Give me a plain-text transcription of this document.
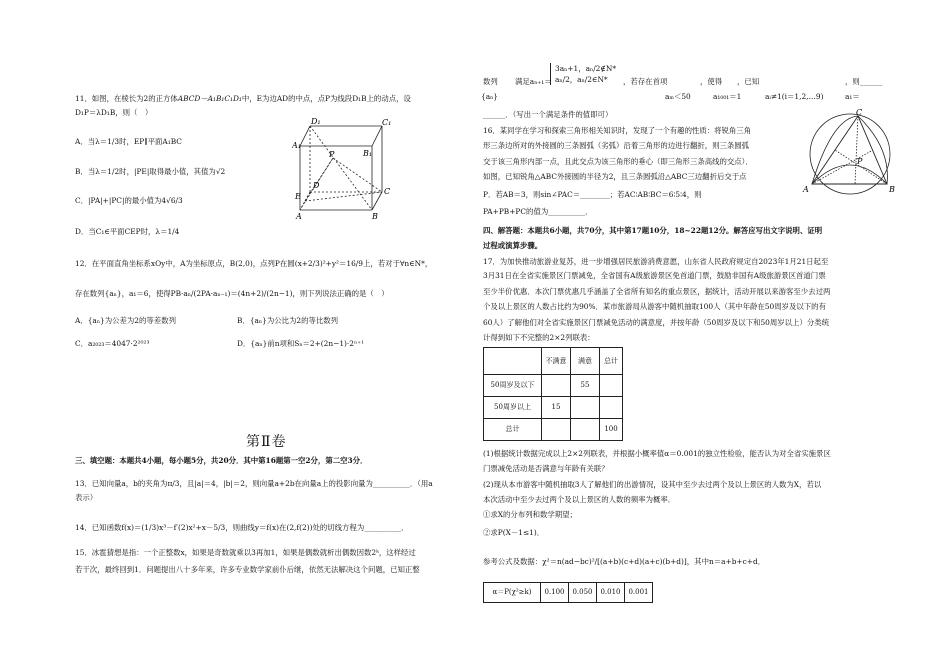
11．如图，在棱长为2的正方体ABCD－A₁B₁C₁D₁中，E为边AD的中点，点P为线段D₁B上的动点，设
D₁P＝λD₁B，则（　）
A．当λ＝1/3时，EP∥平面A₁BC
B．当λ＝1/2时，|PE|取得最小值，其值为√2
C．|PA|+|PC|的最小值为4√6/3
D．当C₁∈平面CEP时，λ＝1/4
D₁	C₁
A₁
B₁
P
D
C
E
A	B
12．在平面直角坐标系xOy中，A为坐标原点，B(2,0)，点列P在圆(x+2/3)²+y²＝16/9上，若对于∀n∈N*，
存在数列{aₙ}，a₁＝6，使得PB·aₙ/(2PA·aₙ₋₁)＝(4n+2)/(2n−1)，则下列说法正确的是（　）
A．{aₙ}为公差为2的等差数列	B．{aₙ}为公比为2的等比数列
C．a₂₀₂₃＝4047·2²⁰²³	D．{aₙ}前n项和Sₙ＝2+(2n−1)·2ⁿ⁺¹
第Ⅱ卷
三、填空题：本题共4小题，每小题5分，共20分．其中第16题第一空2分，第二空3分．
13．已知向量a，b的夹角为π/3，且|a|＝4，|b|＝2，则向量a+2b在向量a上的投影向量为__________．（用a
表示）
14．已知函数f(x)＝(1/3)x³－f′(2)x²+x－5/3，则曲线y＝f(x)在(2,f(2))处的切线方程为__________．
15．冰雹猜想是指：一个正整数x，如果是奇数就乘以3再加1，如果是偶数就析出偶数因数2ᵏ，这样经过
若干次，最终回到1．问题提出八十多年来，许多专业数学家前仆后继，依然无法解决这个问题，已知正整
数列
{aₙ}
满足aₙ₊₁＝
3aₙ+1，aₙ/2∉N*
aₙ/2，aₙ/2∈N*	，若存在首项	，使得 ，已知	，则 ______
aₘ＜50	a₁₀₀₁＝1	aᵢ≠1(i＝1,2,…9)	a₁＝
______．（写出一个满足条件的值即可）
16．某同学在学习和探索三角形相关知识时，发现了一个有趣的性质：将锐角三角
形三条边所对的外接圆的三条圆弧（劣弧）沿着三角形的边进行翻折，则三条圆弧
交于该三角形内部一点，且此交点为该三角形的垂心（即三角形三条高线的交点）．
如图，已知锐角△ABC外接圆的半径为2，且三条圆弧沿△ABC三边翻折后交于点
P．若AB＝3，则sin∠PAC＝________；若AC∶AB∶BC＝6∶5∶4，则
PA+PB+PC的值为__________．
C
A	B
P
四、解答题：本题共6小题，共70分，其中第17题10分，18~22题12分。解答应写出文字说明、证明
过程或演算步骤。
17．为加快推动旅游业复苏，进一步增强居民旅游消费意愿，山东省人民政府规定自2023年1月21日起至
3月31日在全省实施景区门票减免，全省国有A级旅游景区免首道门票，鼓励非国有A级旅游景区首道门票
至少半价优惠．本次门票优惠几乎涵盖了全省所有知名的重点景区，据统计，活动开展以来游客至少去过两
个及以上景区的人数占比约为90%．某市旅游局从游客中随机抽取100人（其中年龄在50周岁及以下的有
60人）了解他们对全省实施景区门票减免活动的满意度，并按年龄（50周岁及以下和50周岁以上）分类统
计得到如下不完整的2×2列联表：
	不满意	满意	总计
50周岁及以下		55	
50周岁以上	15		
总计			100
(1)根据统计数据完成以上2×2列联表，并根据小概率值α＝0.001的独立性检验，能否认为对全省实施景区
门票减免活动是否满意与年龄有关联？
(2)现从本市游客中随机抽取3人了解他们的出游情况，设其中至少去过两个及以上景区的人数为X，若以
本次活动中至少去过两个及以上景区的人数的频率为概率．
①求X的分布列和数学期望；
②求P(X－1≤1)．
参考公式及数据：χ²＝n(ad−bc)²/[(a+b)(c+d)(a+c)(b+d)]，其中n＝a+b+c+d．
α＝P(χ²≥k)	0.100	0.050	0.010	0.001
